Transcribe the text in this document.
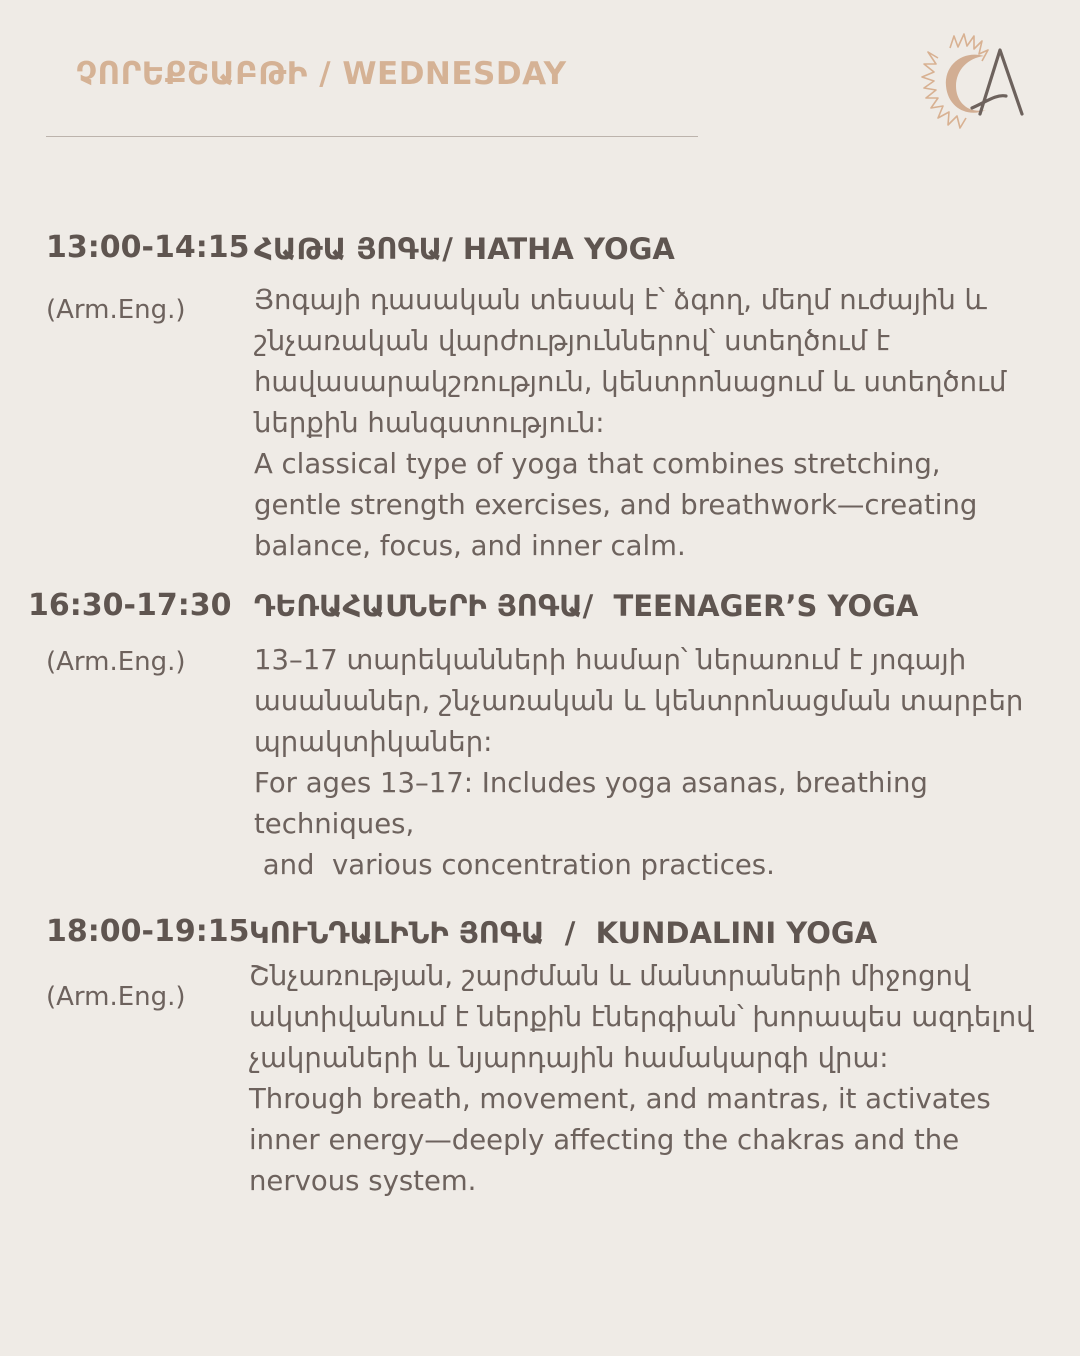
ՉՈՐԵՔՇԱԲԹԻ / WEDNESDAY
13:00-14:15
(Arm.Eng.)
ՀԱԹԱ ՅՈԳԱ/ HATHA YOGA
Յոգայի դասական տեսակ է՝ ձգող, մեղմ ուժային և
շնչառական վարժություններով՝ ստեղծում է
հավասարակշռություն, կենտրոնացում և ստեղծում
ներքին հանգստություն:
A classical type of yoga that combines stretching,
gentle strength exercises, and breathwork—creating
balance, focus, and inner calm.
16:30-17:30
(Arm.Eng.)
ԴԵՌԱՀԱՍՆԵՐԻ ՅՈԳԱ/  TEENAGER’S YOGA
13–17 տարեկանների համար՝ ներառում է յոգայի
ասանաներ, շնչառական և կենտրոնացման տարբեր
պրակտիկաներ:
For ages 13–17: Includes yoga asanas, breathing
techniques,
and  various concentration practices.
18:00-19:15
(Arm.Eng.)
ԿՈՒՆԴԱԼԻՆԻ ՅՈԳԱ  /  KUNDALINI YOGA
Շնչառության, շարժման և մանտրաների միջոցով
ակտիվանում է ներքին էներգիան՝ խորապես ազդելով
չակրաների և նյարդային համակարգի վրա:
Through breath, movement, and mantras, it activates
inner energy—deeply affecting the chakras and the
nervous system.
